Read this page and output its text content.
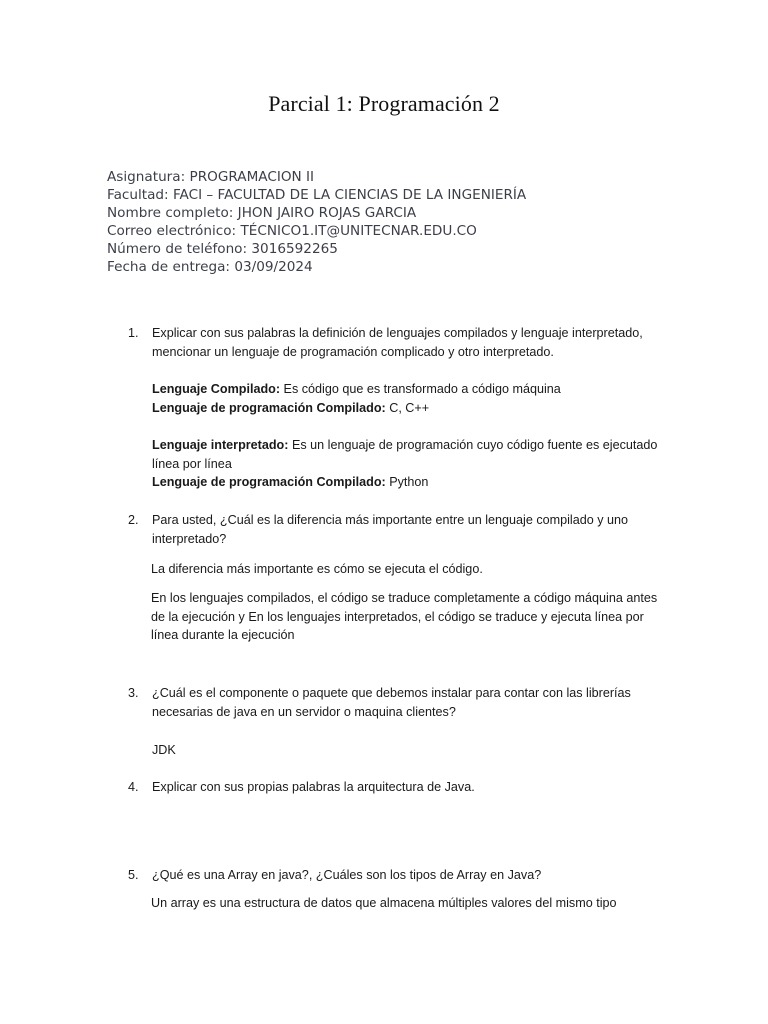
Parcial 1: Programación 2
Asignatura: PROGRAMACION II
Facultad: FACI – FACULTAD DE LA CIENCIAS DE LA INGENIERÍA
Nombre completo: JHON JAIRO ROJAS GARCIA
Correo electrónico: TÉCNICO1.IT@UNITECNAR.EDU.CO
Número de teléfono: 3016592265
Fecha de entrega: 03/09/2024
1.	Explicar con sus palabras la definición de lenguajes compilados y lenguaje interpretado,
mencionar un lenguaje de programación complicado y otro interpretado.
Lenguaje Compilado: Es código que es transformado a código máquina
Lenguaje de programación Compilado: C, C++
Lenguaje interpretado: Es un lenguaje de programación cuyo código fuente es ejecutado
línea por línea
Lenguaje de programación Compilado: Python
2.	Para usted, ¿Cuál es la diferencia más importante entre un lenguaje compilado y uno
interpretado?
La diferencia más importante es cómo se ejecuta el código.
En los lenguajes compilados, el código se traduce completamente a código máquina antes
de la ejecución y En los lenguajes interpretados, el código se traduce y ejecuta línea por
línea durante la ejecución
3.	¿Cuál es el componente o paquete que debemos instalar para contar con las librerías
necesarias de java en un servidor o maquina clientes?
JDK
4.	Explicar con sus propias palabras la arquitectura de Java.
5.	¿Qué es una Array en java?, ¿Cuáles son los tipos de Array en Java?
Un array es una estructura de datos que almacena múltiples valores del mismo tipo
